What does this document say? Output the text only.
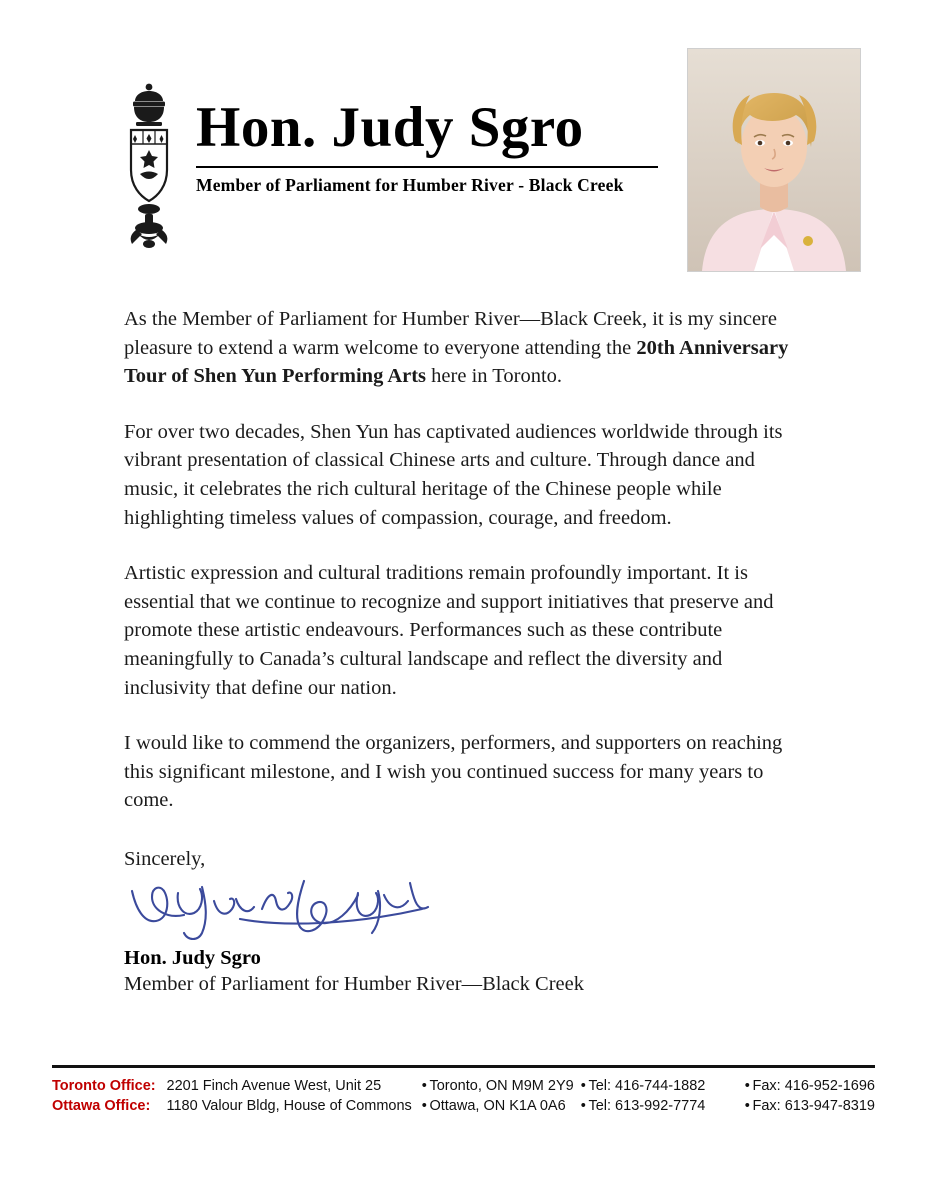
Hon. Judy Sgro
Member of Parliament for Humber River - Black Creek

As the Member of Parliament for Humber River—Black Creek, it is my sincere pleasure to extend a warm welcome to everyone attending the 20th Anniversary Tour of Shen Yun Performing Arts here in Toronto.

For over two decades, Shen Yun has captivated audiences worldwide through its vibrant presentation of classical Chinese arts and culture. Through dance and music, it celebrates the rich cultural heritage of the Chinese people while highlighting timeless values of compassion, courage, and freedom.

Artistic expression and cultural traditions remain profoundly important. It is essential that we continue to recognize and support initiatives that preserve and promote these artistic endeavours. Performances such as these contribute meaningfully to Canada’s cultural landscape and reflect the diversity and inclusivity that define our nation.

I would like to commend the organizers, performers, and supporters on reaching this significant milestone, and I wish you continued success for many years to come.

Sincerely,

Hon. Judy Sgro

Member of Parliament for Humber River—Black Creek

Toronto Office:	2201 Finch Avenue West, Unit 25	•	Toronto, ON M9M 2Y9	•	Tel: 416-744-1882	•	Fax: 416-952-1696
Ottawa Office:	1180 Valour Bldg, House of Commons	•	Ottawa, ON K1A 0A6	•	Tel: 613-992-7774	•	Fax: 613-947-8319
